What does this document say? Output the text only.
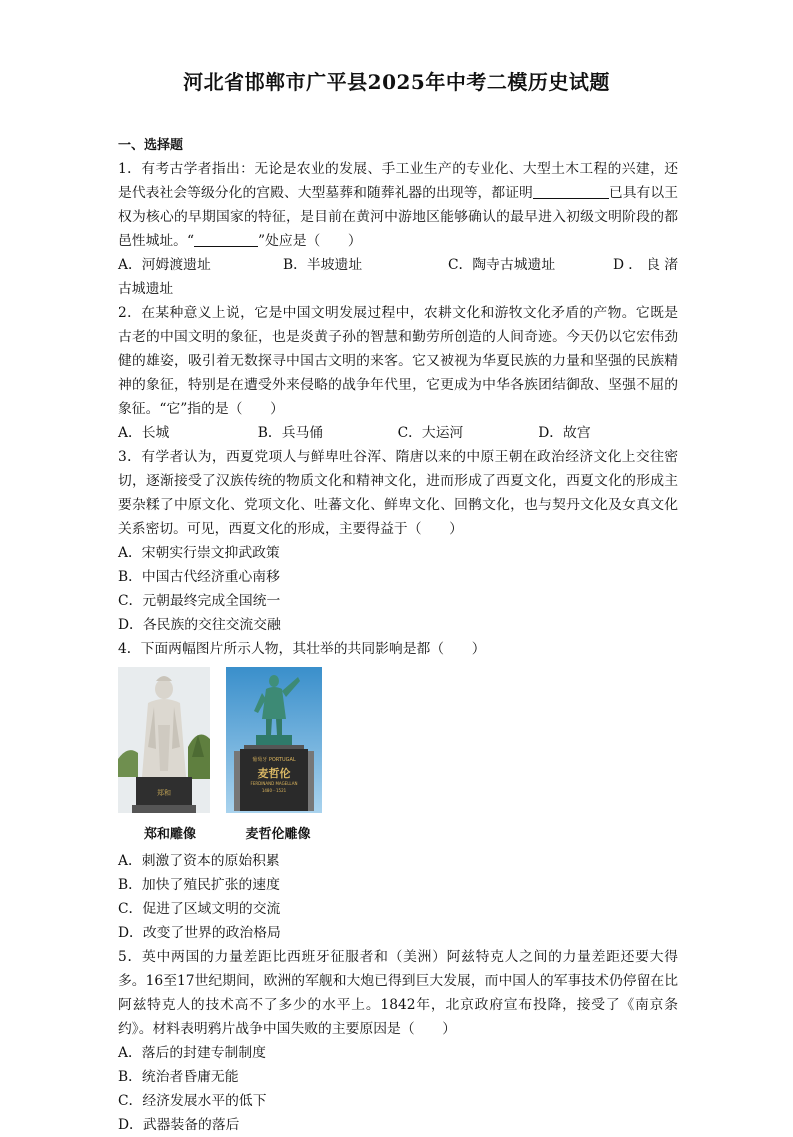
河北省邯郸市广平县2025年中考二模历史试题
一、选择题

1．有考古学者指出：无论是农业的发展、手工业生产的专业化、大型土木工程的兴建，还是代表社会等级分化的宫殿、大型墓葬和随葬礼器的出现等，都证明	已具有以王权为核心的早期国家的特征，是目前在黄河中游地区能够确认的最早进入初级文明阶段的都邑性城址。“	”处应是（　　）

A．河姆渡遗址	B．半坡遗址	C．陶寺古城遗址	D．良渚古城遗址

2．在某种意义上说，它是中国文明发展过程中，农耕文化和游牧文化矛盾的产物。它既是古老的中国文明的象征，也是炎黄子孙的智慧和勤劳所创造的人间奇迹。今天仍以它宏伟劲健的雄姿，吸引着无数探寻中国古文明的来客。它又被视为华夏民族的力量和坚强的民族精神的象征，特别是在遭受外来侵略的战争年代里，它更成为中华各族团结御敌、坚强不屈的象征。“它”指的是（　　）

A．长城	B．兵马俑	C．大运河	D．故宫

3．有学者认为，西夏党项人与鲜卑吐谷浑、隋唐以来的中原王朝在政治经济文化上交往密切，逐渐接受了汉族传统的物质文化和精神文化，进而形成了西夏文化，西夏文化的形成主要杂糅了中原文化、党项文化、吐蕃文化、鲜卑文化、回鹘文化，也与契丹文化及女真文化关系密切。可见，西夏文化的形成，主要得益于（　　）

A．宋朝实行崇文抑武政策
B．中国古代经济重心南移
C．元朝最终完成全国统一
D．各民族的交往交流交融

4．下面两幅图片所示人物，其壮举的共同影响是都（　　）

郑和
郑和雕像
葡萄牙 PORTUGAL
麦哲伦
FERDINAND MAGELLAN
1480－1521
麦哲伦雕像
A．刺激了资本的原始积累
B．加快了殖民扩张的速度
C．促进了区域文明的交流
D．改变了世界的政治格局

5．英中两国的力量差距比西班牙征服者和（美洲）阿兹特克人之间的力量差距还要大得多。16至17世纪期间，欧洲的军舰和大炮已得到巨大发展，而中国人的军事技术仍停留在比阿兹特克人的技术高不了多少的水平上。1842年，北京政府宣布投降，接受了《南京条约》。材料表明鸦片战争中国失败的主要原因是（　　）

A．落后的封建专制制度
B．统治者昏庸无能
C．经济发展水平的低下
D．武器装备的落后
